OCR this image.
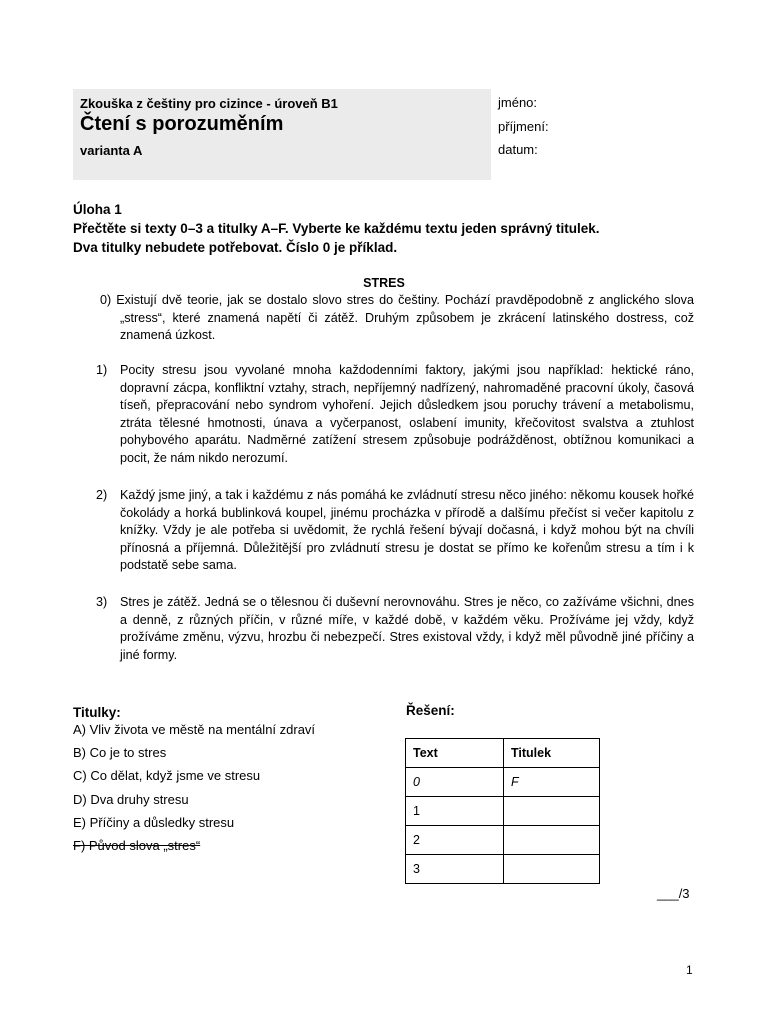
Zkouška z češtiny pro cizince - úroveň B1
Čtení s porozuměním
varianta A
jméno:
příjmení:
datum:
Úloha 1
Přečtěte si texty 0–3 a titulky A–F. Vyberte ke každému textu jeden správný titulek.
Dva titulky nebudete potřebovat. Číslo 0 je příklad.
STRES
0) Existují dvě teorie, jak se dostalo slovo stres do češtiny. Pochází pravděpodobně z anglického slova „stress“, které znamená napětí či zátěž. Druhým způsobem je zkrácení latinského dostress, což znamená úzkost.
1) Pocity stresu jsou vyvolané mnoha každodenními faktory, jakými jsou například: hektické ráno, dopravní zácpa, konfliktní vztahy, strach, nepříjemný nadřízený, nahromaděné pracovní úkoly, časová tíseň, přepracování nebo syndrom vyhoření. Jejich důsledkem jsou poruchy trávení a metabolismu, ztráta tělesné hmotnosti, únava a vyčerpanost, oslabení imunity, křečovitost svalstva a ztuhlost pohybového aparátu. Nadměrné zatížení stresem způsobuje podrážděnost, obtížnou komunikaci a pocit, že nám nikdo nerozumí.
2) Každý jsme jiný, a tak i každému z nás pomáhá ke zvládnutí stresu něco jiného: někomu kousek hořké čokolády a horká bublinková koupel, jinému procházka v přírodě a dalšímu přečíst si večer kapitolu z knížky. Vždy je ale potřeba si uvědomit, že rychlá řešení bývají dočasná, i když mohou být na chvíli přínosná a příjemná. Důležitější pro zvládnutí stresu je dostat se přímo ke kořenům stresu a tím i k podstatě sebe sama.
3) Stres je zátěž. Jedná se o tělesnou či duševní nerovnováhu. Stres je něco, co zažíváme všichni, dnes a denně, z různých příčin, v různé míře, v každé době, v každém věku. Prožíváme jej vždy, když prožíváme změnu, výzvu, hrozbu či nebezpečí. Stres existoval vždy, i když měl původně jiné příčiny a jiné formy.
Titulky:
A) Vliv života ve městě na mentální zdraví
B) Co je to stres
C) Co dělat, když jsme ve stresu
D) Dva druhy stresu
E) Příčiny a důsledky stresu
F) Původ slova „stres“
Řešení:
Text	Titulek
0	F
1	
2	
3	
___/3
1
